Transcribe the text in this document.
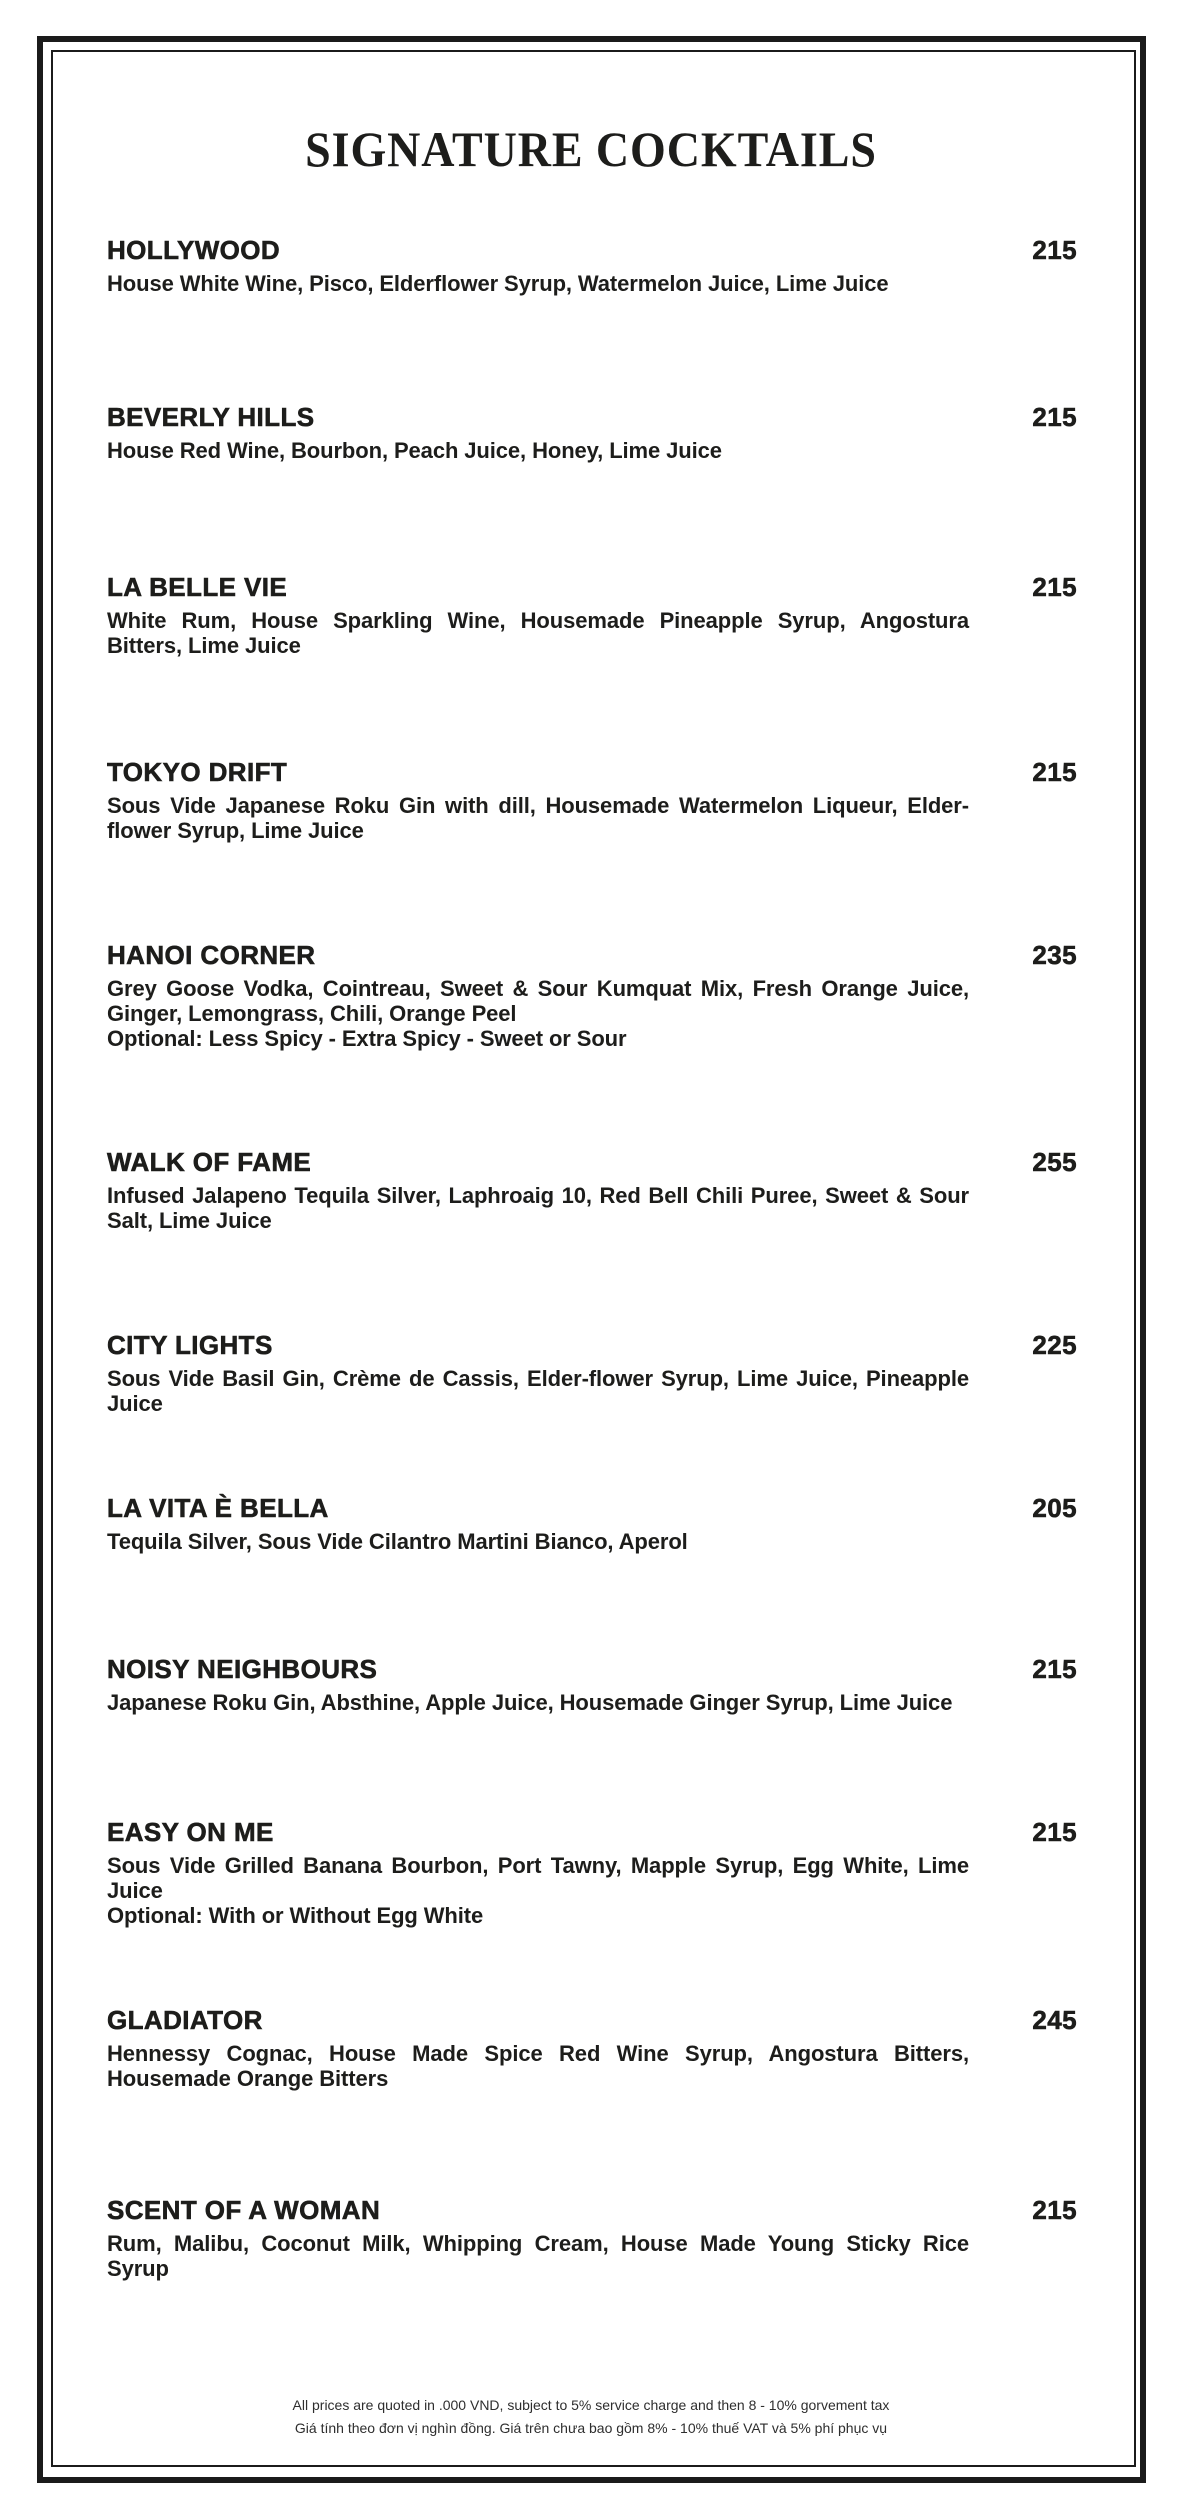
SIGNATURE COCKTAILS
HOLLYWOOD	215
House White Wine, Pisco, Elderflower Syrup, Watermelon Juice, Lime Juice
BEVERLY HILLS	215
House Red Wine, Bourbon, Peach Juice, Honey, Lime Juice
LA BELLE VIE	215
White Rum, House Sparkling Wine, Housemade Pineapple Syrup, Angostura Bitters, Lime Juice
TOKYO DRIFT	215
Sous Vide Japanese Roku Gin with dill, Housemade Watermelon Liqueur, Elder-flower Syrup, Lime Juice
HANOI CORNER	235
Grey Goose Vodka, Cointreau, Sweet & Sour Kumquat Mix, Fresh Orange Juice, Ginger, Lemongrass, Chili, Orange Peel
Optional: Less Spicy - Extra Spicy - Sweet or Sour
WALK OF FAME	255
Infused Jalapeno Tequila Silver, Laphroaig 10, Red Bell Chili Puree, Sweet & Sour Salt, Lime Juice
CITY LIGHTS	225
Sous Vide Basil Gin, Crème de Cassis, Elder-flower Syrup, Lime Juice, Pineapple Juice
LA VITA È BELLA	205
Tequila Silver, Sous Vide Cilantro Martini Bianco, Aperol
NOISY NEIGHBOURS	215
Japanese Roku Gin, Absthine, Apple Juice, Housemade Ginger Syrup, Lime Juice
EASY ON ME	215
Sous Vide Grilled Banana Bourbon, Port Tawny, Mapple Syrup, Egg White, Lime Juice
Optional: With or Without Egg White
GLADIATOR	245
Hennessy Cognac, House Made Spice Red Wine Syrup, Angostura Bitters, Housemade Orange Bitters
SCENT OF A WOMAN	215
Rum, Malibu, Coconut Milk, Whipping Cream, House Made Young Sticky Rice Syrup
All prices are quoted in .000 VND, subject to 5% service charge and then 8 - 10% gorvement tax
Giá tính theo đơn vị nghìn đồng. Giá trên chưa bao gồm 8% - 10% thuế VAT và 5% phí phục vụ
